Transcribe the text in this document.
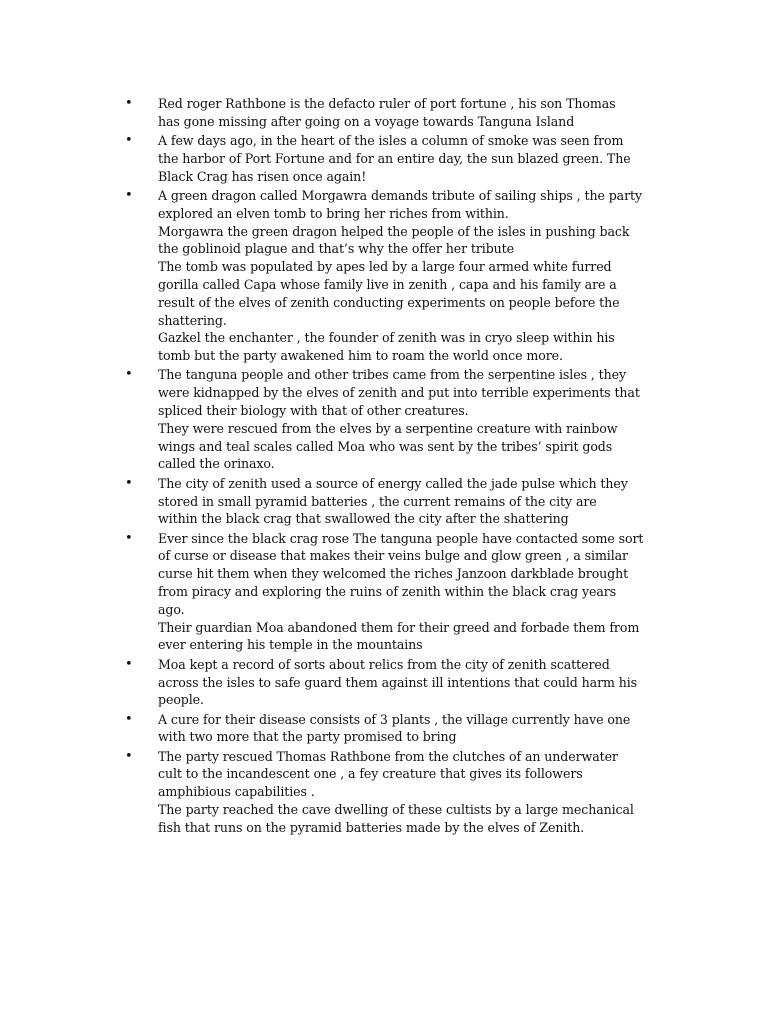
• Red roger Rathbone is the defacto ruler of port fortune , his son Thomas
has gone missing after going on a voyage towards Tanguna Island
• A few days ago, in the heart of the isles a column of smoke was seen from
the harbor of Port Fortune and for an entire day, the sun blazed green. The
Black Crag has risen once again!
• A green dragon called Morgawra demands tribute of sailing ships , the party
explored an elven tomb to bring her riches from within.
Morgawra the green dragon helped the people of the isles in pushing back
the goblinoid plague and that’s why the offer her tribute
The tomb was populated by apes led by a large four armed white furred
gorilla called Capa whose family live in zenith , capa and his family are a
result of the elves of zenith conducting experiments on people before the
shattering.
Gazkel the enchanter , the founder of zenith was in cryo sleep within his
tomb but the party awakened him to roam the world once more.
• The tanguna people and other tribes came from the serpentine isles , they
were kidnapped by the elves of zenith and put into terrible experiments that
spliced their biology with that of other creatures.
They were rescued from the elves by a serpentine creature with rainbow
wings and teal scales called Moa who was sent by the tribes’ spirit gods
called the orinaxo.
• The city of zenith used a source of energy called the jade pulse which they
stored in small pyramid batteries , the current remains of the city are
within the black crag that swallowed the city after the shattering
• Ever since the black crag rose The tanguna people have contacted some sort
of curse or disease that makes their veins bulge and glow green , a similar
curse hit them when they welcomed the riches Janzoon darkblade brought
from piracy and exploring the ruins of zenith within the black crag years
ago.
Their guardian Moa abandoned them for their greed and forbade them from
ever entering his temple in the mountains
• Moa kept a record of sorts about relics from the city of zenith scattered
across the isles to safe guard them against ill intentions that could harm his
people.
• A cure for their disease consists of 3 plants , the village currently have one
with two more that the party promised to bring
• The party rescued Thomas Rathbone from the clutches of an underwater
cult to the incandescent one , a fey creature that gives its followers
amphibious capabilities .
The party reached the cave dwelling of these cultists by a large mechanical
fish that runs on the pyramid batteries made by the elves of Zenith.
